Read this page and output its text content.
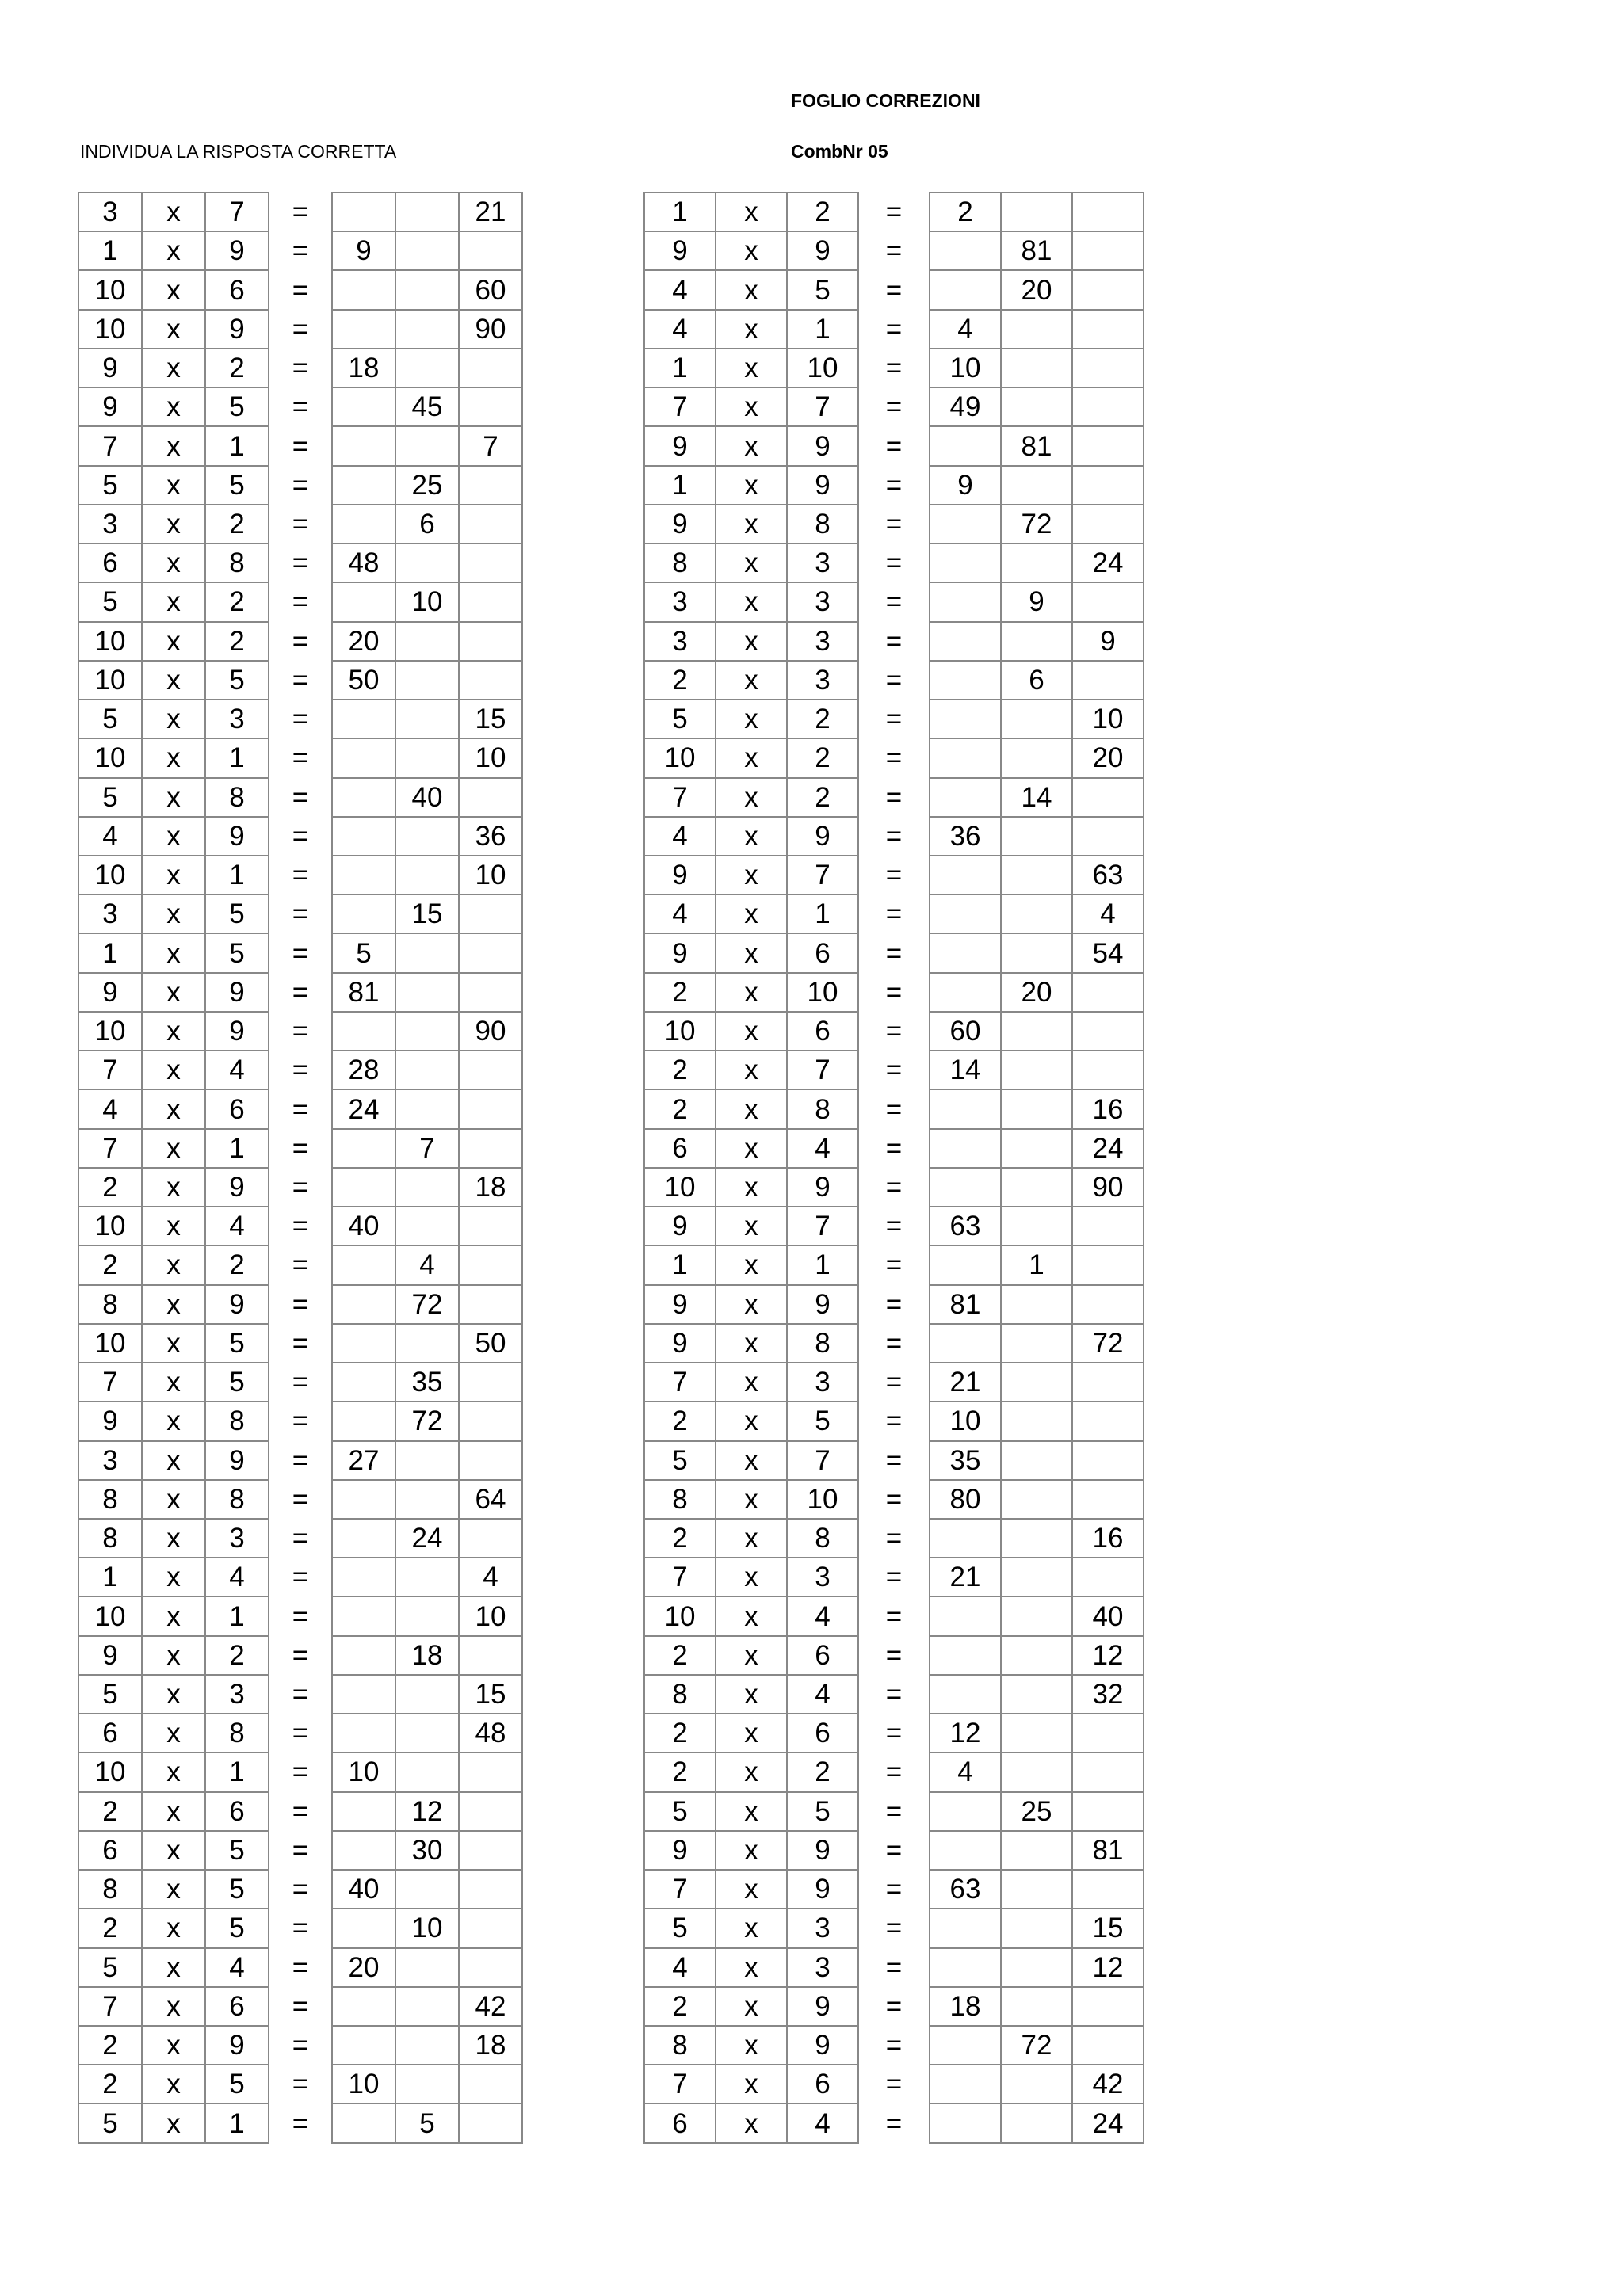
FOGLIO CORREZIONI
INDIVIDUA LA RISPOSTA CORRETTA	CombNr 05
3	x	7	=			21
1	x	9	=	9		
10	x	6	=			60
10	x	9	=			90
9	x	2	=	18		
9	x	5	=		45	
7	x	1	=			7
5	x	5	=		25	
3	x	2	=		6	
6	x	8	=	48		
5	x	2	=		10	
10	x	2	=	20		
10	x	5	=	50		
5	x	3	=			15
10	x	1	=			10
5	x	8	=		40	
4	x	9	=			36
10	x	1	=			10
3	x	5	=		15	
1	x	5	=	5		
9	x	9	=	81		
10	x	9	=			90
7	x	4	=	28		
4	x	6	=	24		
7	x	1	=		7	
2	x	9	=			18
10	x	4	=	40		
2	x	2	=		4	
8	x	9	=		72	
10	x	5	=			50
7	x	5	=		35	
9	x	8	=		72	
3	x	9	=	27		
8	x	8	=			64
8	x	3	=		24	
1	x	4	=			4
10	x	1	=			10
9	x	2	=		18	
5	x	3	=			15
6	x	8	=			48
10	x	1	=	10		
2	x	6	=		12	
6	x	5	=		30	
8	x	5	=	40		
2	x	5	=		10	
5	x	4	=	20		
7	x	6	=			42
2	x	9	=			18
2	x	5	=	10		
5	x	1	=		5	
1	x	2	=	2		
9	x	9	=		81	
4	x	5	=		20	
4	x	1	=	4		
1	x	10	=	10		
7	x	7	=	49		
9	x	9	=		81	
1	x	9	=	9		
9	x	8	=		72	
8	x	3	=			24
3	x	3	=		9	
3	x	3	=			9
2	x	3	=		6	
5	x	2	=			10
10	x	2	=			20
7	x	2	=		14	
4	x	9	=	36		
9	x	7	=			63
4	x	1	=			4
9	x	6	=			54
2	x	10	=		20	
10	x	6	=	60		
2	x	7	=	14		
2	x	8	=			16
6	x	4	=			24
10	x	9	=			90
9	x	7	=	63		
1	x	1	=		1	
9	x	9	=	81		
9	x	8	=			72
7	x	3	=	21		
2	x	5	=	10		
5	x	7	=	35		
8	x	10	=	80		
2	x	8	=			16
7	x	3	=	21		
10	x	4	=			40
2	x	6	=			12
8	x	4	=			32
2	x	6	=	12		
2	x	2	=	4		
5	x	5	=		25	
9	x	9	=			81
7	x	9	=	63		
5	x	3	=			15
4	x	3	=			12
2	x	9	=	18		
8	x	9	=		72	
7	x	6	=			42
6	x	4	=			24
